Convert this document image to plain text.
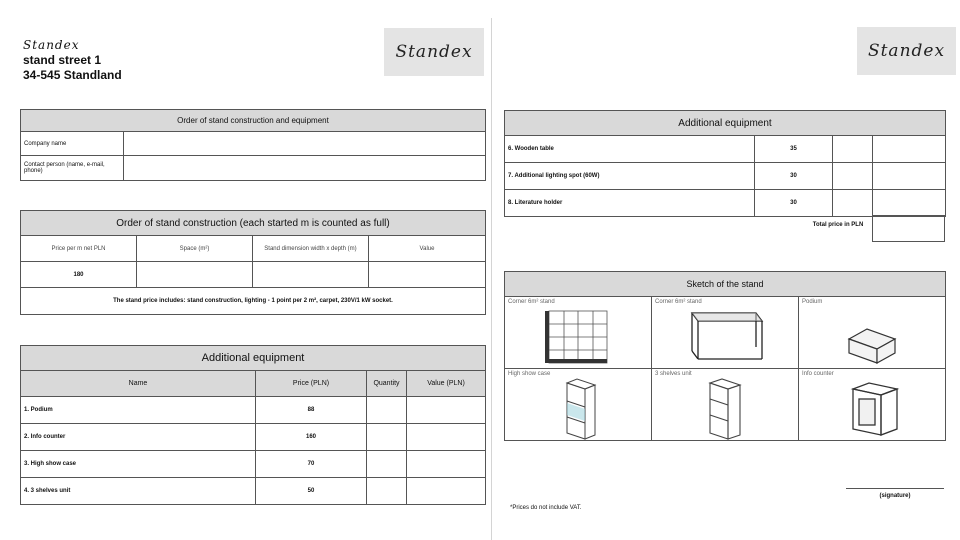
Standex
Standex
stand street 1
34-545 Standland
Order of stand construction and equipment	
Company name	
Contact person (name, e-mail, phone)	
Order of stand construction (each started m is counted as full)			
Price per m net PLN	Space (m²)	Stand dimension width x depth (m)	Value
180			
The stand price includes: stand construction, lighting - 1 point per 2 m², carpet, 230V/1 kW socket.			
Additional equipment			
Name	Price (PLN)	Quantity	Value (PLN)
1. Podium	88		
2. Info counter	160		
3. High show case	70		
4. 3 shelves unit	50		
Standex
Additional equipment			
6. Wooden table	35		
7. Additional lighting spot (60W)	30		
8. Literature holder	30		
Total price in PLN
Sketch of the stand		

Corner 6m² stand	Corner 6m² stand	Podium

High show case	3 shelves unit	Info counter
(signature)
*Prices do not include VAT.
